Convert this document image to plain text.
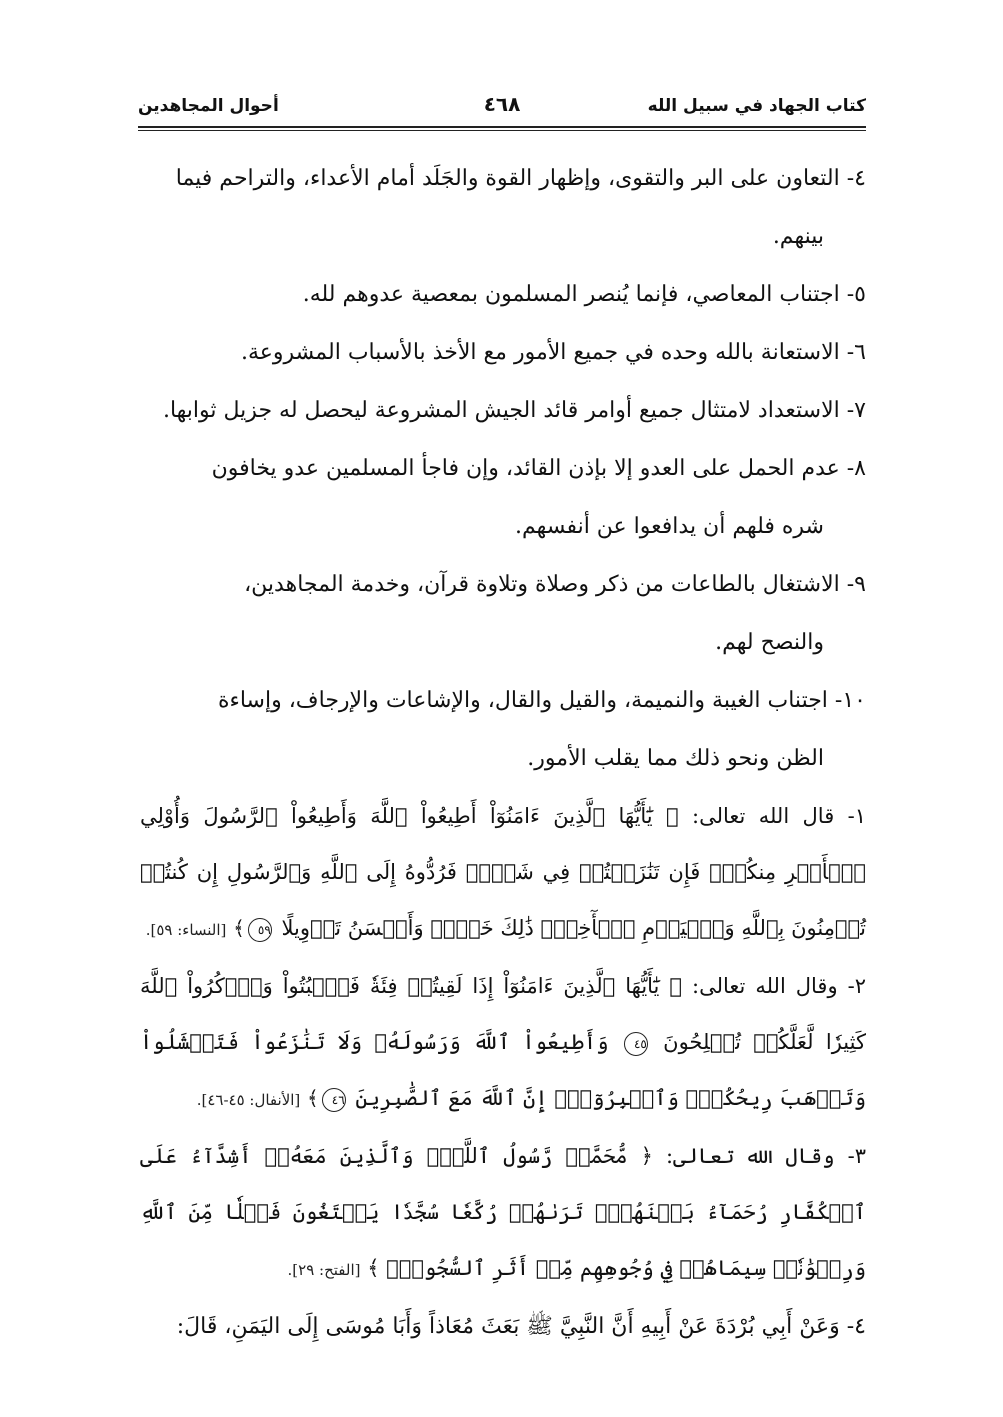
كتاب الجهاد في سبيل الله
٤٦٨
أحوال المجاهدين
٤- التعاون على البر والتقوى، وإظهار القوة والجَلَد أمام الأعداء، والتراحم فيما
بينهم.
٥- اجتناب المعاصي، فإنما يُنصر المسلمون بمعصية عدوهم لله.
٦- الاستعانة بالله وحده في جميع الأمور مع الأخذ بالأسباب المشروعة.
٧- الاستعداد لامتثال جميع أوامر قائد الجيش المشروعة ليحصل له جزيل ثوابها.
٨- عدم الحمل على العدو إلا بإذن القائد، وإن فاجأ المسلمين عدو يخافون
شره فلهم أن يدافعوا عن أنفسهم.
٩- الاشتغال بالطاعات من ذكر وصلاة وتلاوة قرآن، وخدمة المجاهدين،
والنصح لهم.
١٠- اجتناب الغيبة والنميمة، والقيل والقال، والإشاعات والإرجاف، وإساءة
الظن ونحو ذلك مما يقلب الأمور.
١- قال الله تعالى: ﴿ يَٰٓأَيُّهَا ٱلَّذِينَ ءَامَنُوٓاْ أَطِيعُواْ ٱللَّهَ وَأَطِيعُواْ ٱلرَّسُولَ وَأُوْلِي ٱلۡأَمۡرِ مِنكُمۡۖ فَإِن تَنَٰزَعۡتُمۡ فِي شَيۡءٖ فَرُدُّوهُ إِلَى ٱللَّهِ وَٱلرَّسُولِ إِن كُنتُمۡ تُؤۡمِنُونَ بِٱللَّهِ وَٱلۡيَوۡمِ ٱلۡأٓخِرِۚ ذَٰلِكَ خَيۡرٞ وَأَحۡسَنُ تَأۡوِيلًا ٥٩﴾ [النساء: ٥٩].
٢- وقال الله تعالى: ﴿ يَٰٓأَيُّهَا ٱلَّذِينَ ءَامَنُوٓاْ إِذَا لَقِيتُمۡ فِئَةٗ فَٱثۡبُتُواْ وَٱذۡكُرُواْ ٱللَّهَ كَثِيرٗا لَّعَلَّكُمۡ تُفۡلِحُونَ ٤٥ وَأَطِيعُواْ ٱللَّهَ وَرَسُولَهُۥ وَلَا تَنَٰزَعُواْ فَتَفۡشَلُواْ وَتَذۡهَبَ رِيحُكُمۡۖ وَٱصۡبِرُوٓاْۚ إِنَّ ٱللَّهَ مَعَ ٱلصَّٰبِرِينَ ٤٦﴾ [الأنفال: ٤٥-٤٦].
٣- وقال الله تعالى: ﴿ مُّحَمَّدٞ رَّسُولُ ٱللَّهِۚ وَٱلَّذِينَ مَعَهُۥٓ أَشِدَّآءُ عَلَى ٱلۡكُفَّارِ رُحَمَآءُ بَيۡنَهُمۡۖ تَرَىٰهُمۡ رُكَّعٗا سُجَّدٗا يَبۡتَغُونَ فَضۡلٗا مِّنَ ٱللَّهِ وَرِضۡوَٰنٗاۖ سِيمَاهُمۡ فِي وُجُوهِهِم مِّنۡ أَثَرِ ٱلسُّجُودِۚ ﴾ [الفتح: ٢٩].
٤- وَعَنْ أَبِي بُرْدَةَ عَنْ أَبِيهِ أَنَّ النَّبِيَّ ﷺ بَعَثَ مُعَاذاً وَأَبَا مُوسَى إِلَى اليَمَنِ، قَالَ:
